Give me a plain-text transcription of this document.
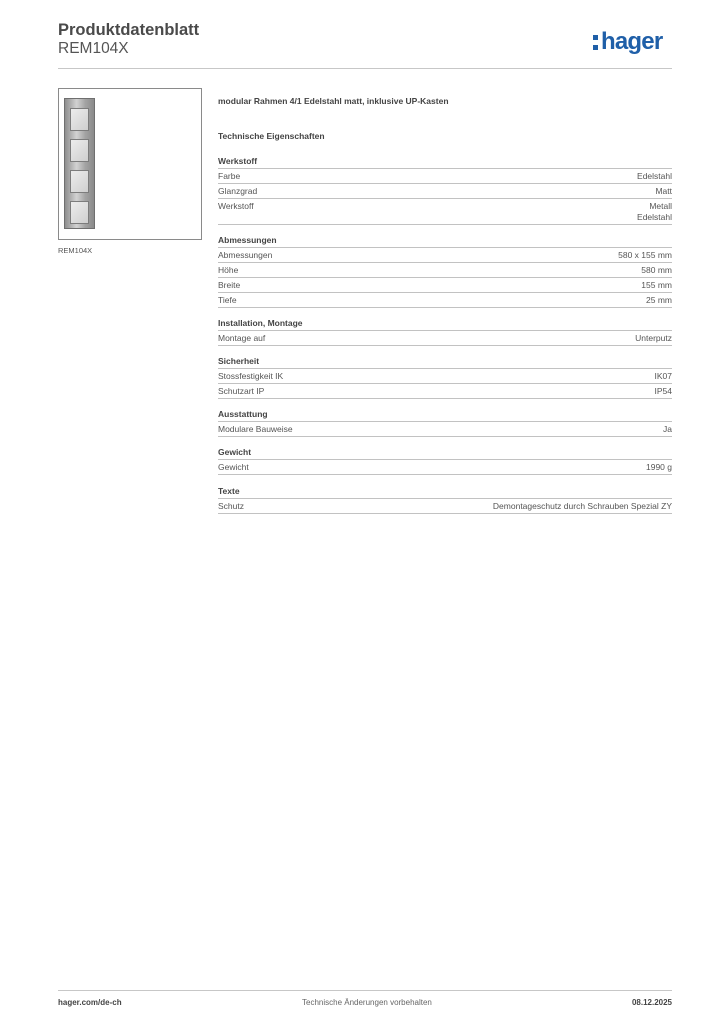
Produktdatenblatt
REM104X	hager
REM104X
modular Rahmen 4/1 Edelstahl matt, inklusive UP-Kasten
Technische Eigenschaften
Werkstoff
Farbe	Edelstahl
Glanzgrad	Matt
Werkstoff	Metall
Edelstahl
Abmessungen
Abmessungen	580 x 155 mm
Höhe	580 mm
Breite	155 mm
Tiefe	25 mm
Installation, Montage
Montage auf	Unterputz
Sicherheit
Stossfestigkeit IK	IK07
Schutzart IP	IP54
Ausstattung
Modulare Bauweise	Ja
Gewicht
Gewicht	1990 g
Texte
Schutz	Demontageschutz durch Schrauben Spezial ZY
hager.com/de-ch	Technische Änderungen vorbehalten	08.12.2025
